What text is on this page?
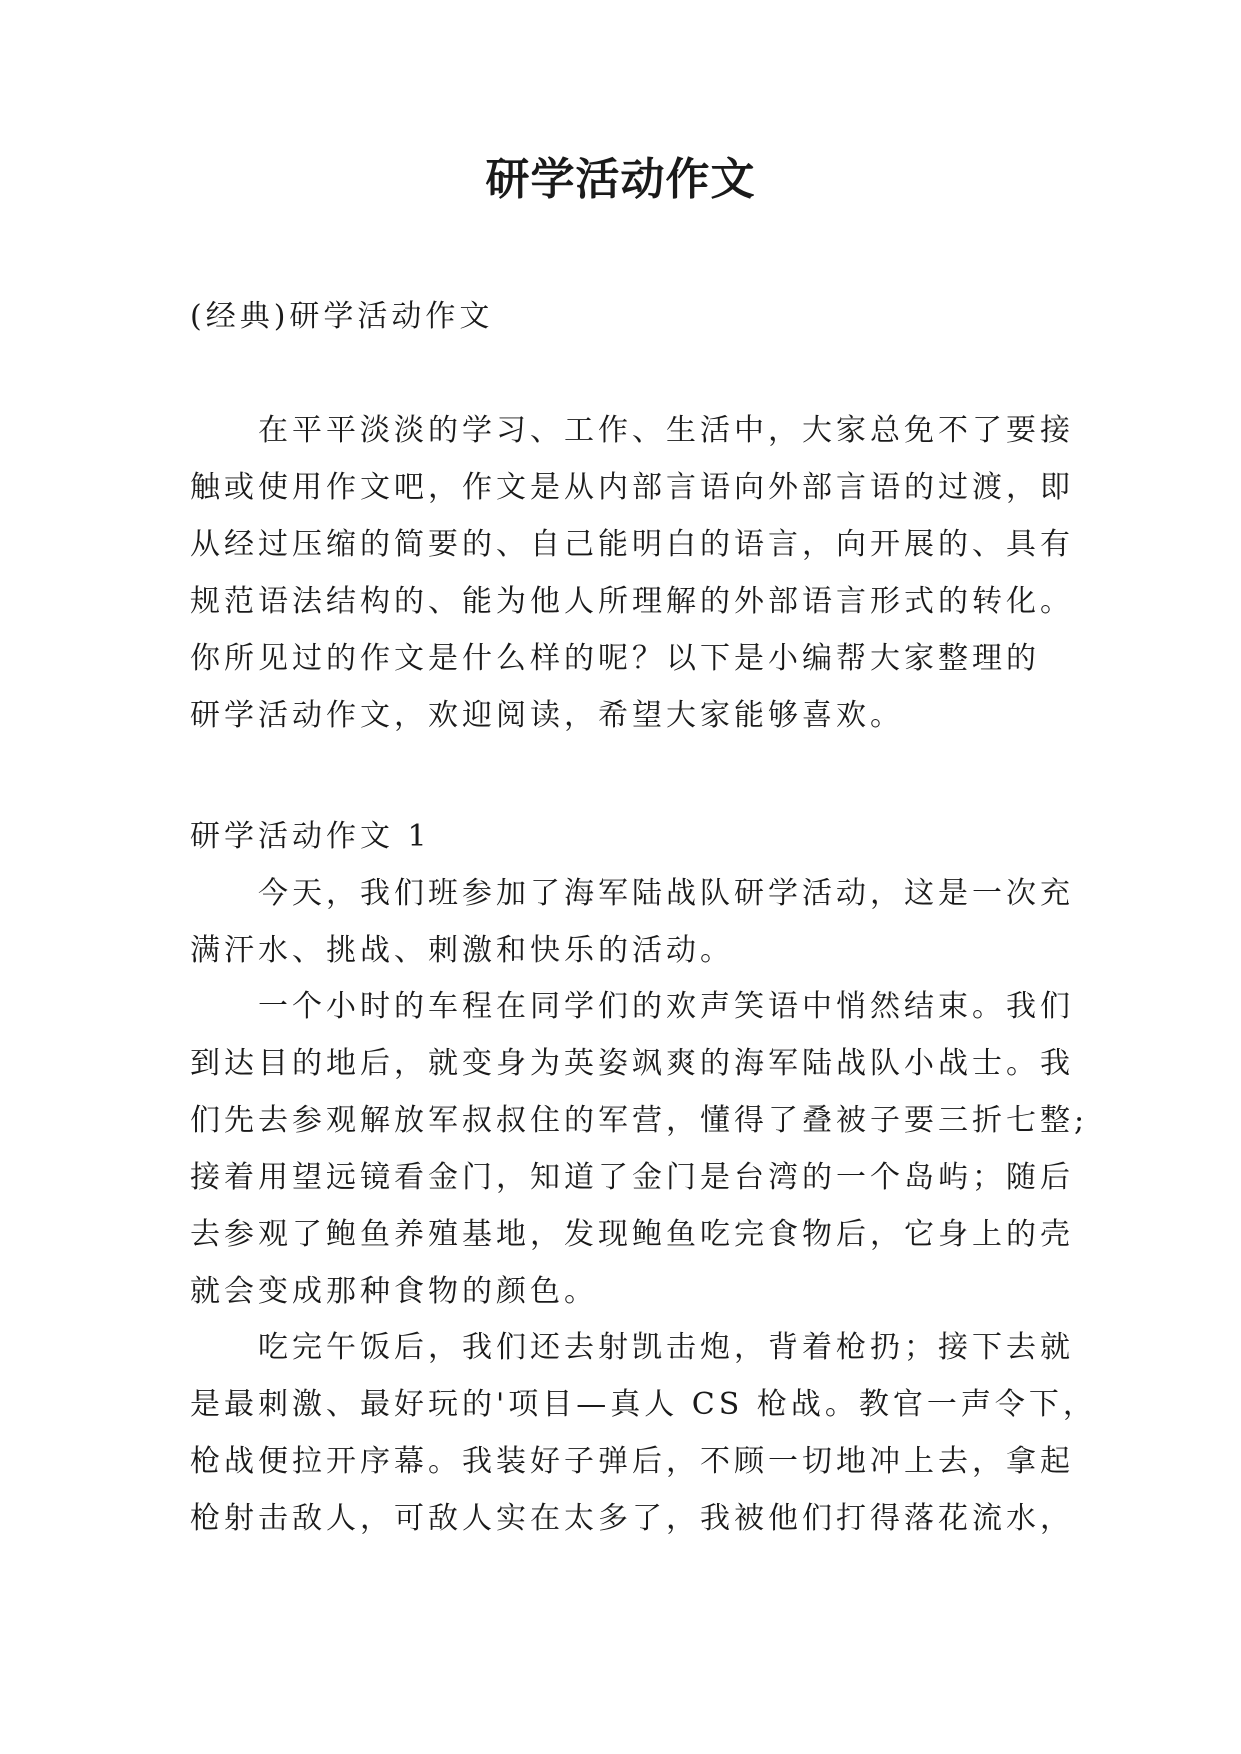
研学活动作文

(经典)研学活动作文

在平平淡淡的学习、工作、生活中，大家总免不了要接
触或使用作文吧，作文是从内部言语向外部言语的过渡，即
从经过压缩的简要的、自己能明白的语言，向开展的、具有
规范语法结构的、能为他人所理解的外部语言形式的转化。
你所见过的作文是什么样的呢？以下是小编帮大家整理的
研学活动作文，欢迎阅读，希望大家能够喜欢。

研学活动作文 1

今天，我们班参加了海军陆战队研学活动，这是一次充
满汗水、挑战、刺激和快乐的活动。
一个小时的车程在同学们的欢声笑语中悄然结束。我们
到达目的地后，就变身为英姿飒爽的海军陆战队小战士。我
们先去参观解放军叔叔住的军营，懂得了叠被子要三折七整;
接着用望远镜看金门，知道了金门是台湾的一个岛屿；随后
去参观了鲍鱼养殖基地，发现鲍鱼吃完食物后，它身上的壳
就会变成那种食物的颜色。
吃完午饭后，我们还去射凯击炮，背着枪扔；接下去就
是最刺激、最好玩的'项目—真人 CS 枪战。教官一声令下，
枪战便拉开序幕。我装好子弹后，不顾一切地冲上去，拿起
枪射击敌人，可敌人实在太多了，我被他们打得落花流水，
